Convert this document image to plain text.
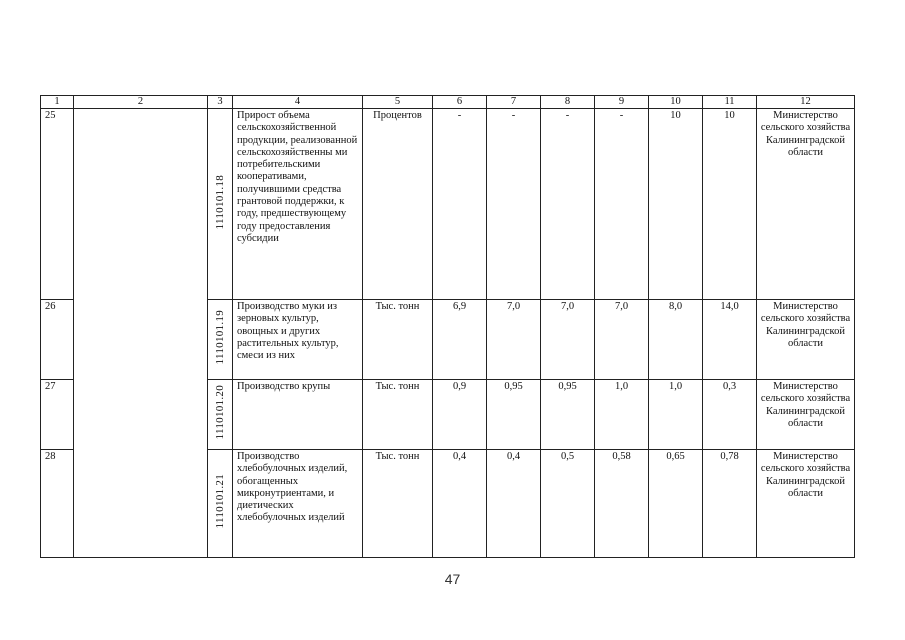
1	2	3	4	5	6	7	8	9	10	11	12
25		1110101.18	Прирост объема сельскохозяйственной продукции, реализованной сельскохозяйственны ми потребительскими кооперативами, получившими средства грантовой поддержки, к году, предшествующему году предоставления субсидии	Процентов	-	-	-	-	10	10	Министерство сельского хозяйства Калининградской области
26		1110101.19	Производство муки из зерновых культур, овощных и других растительных культур, смеси из них	Тыс. тонн	6,9	7,0	7,0	7,0	8,0	14,0	Министерство сельского хозяйства Калининградской области
27		1110101.20	Производство крупы	Тыс. тонн	0,9	0,95	0,95	1,0	1,0	0,3	Министерство сельского хозяйства Калининградской области
28		1110101.21	Производство хлебобулочных изделий, обогащенных микронутриентами, и диетических хлебобулочных изделий	Тыс. тонн	0,4	0,4	0,5	0,58	0,65	0,78	Министерство сельского хозяйства Калининградской области
47
